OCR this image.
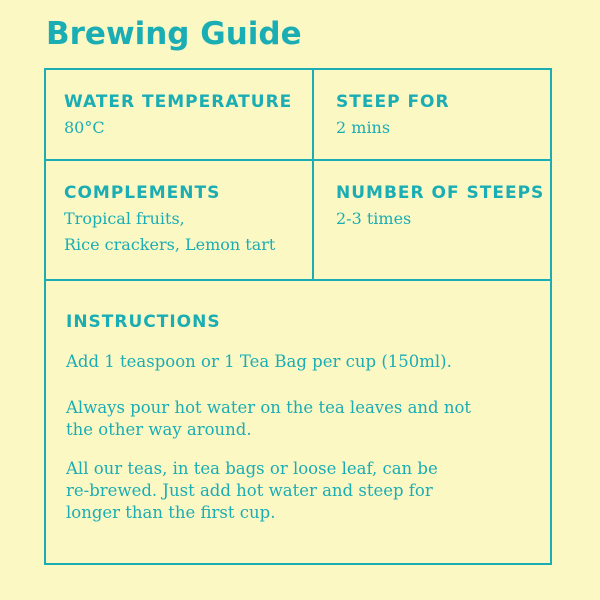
Brewing Guide
WATER TEMPERATURE
80°C
STEEP FOR
2 mins
COMPLEMENTS
Tropical fruits,
Rice crackers, Lemon tart
NUMBER OF STEEPS
2-3 times
INSTRUCTIONS
Add 1 teaspoon or 1 Tea Bag per cup (150ml).
Always pour hot water on the tea leaves and not
the other way around.
All our teas, in tea bags or loose leaf, can be
re-brewed. Just add hot water and steep for
longer than the first cup.
